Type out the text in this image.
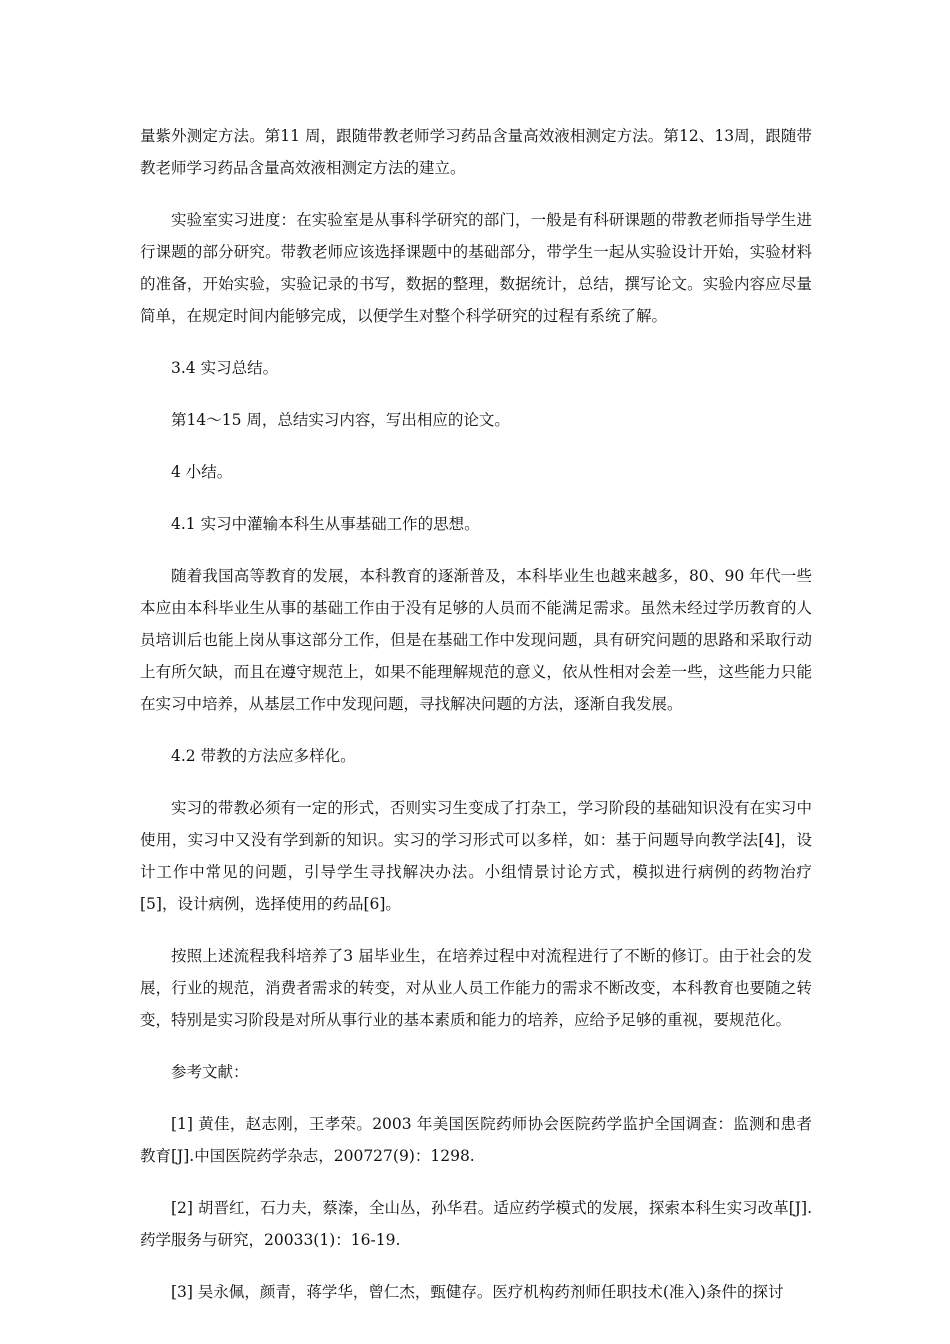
量紫外测定方法。第11 周，跟随带教老师学习药品含量高效液相测定方法。第12、13周，跟随带教老师学习药品含量高效液相测定方法的建立。

实验室实习进度：在实验室是从事科学研究的部门，一般是有科研课题的带教老师指导学生进行课题的部分研究。带教老师应该选择课题中的基础部分，带学生一起从实验设计开始，实验材料的准备，开始实验，实验记录的书写，数据的整理，数据统计，总结，撰写论文。实验内容应尽量简单，在规定时间内能够完成，以便学生对整个科学研究的过程有系统了解。

3.4 实习总结。

第14～15 周，总结实习内容，写出相应的论文。

4 小结。

4.1 实习中灌输本科生从事基础工作的思想。

随着我国高等教育的发展，本科教育的逐渐普及，本科毕业生也越来越多，80、90 年代一些本应由本科毕业生从事的基础工作由于没有足够的人员而不能满足需求。虽然未经过学历教育的人员培训后也能上岗从事这部分工作，但是在基础工作中发现问题，具有研究问题的思路和采取行动上有所欠缺，而且在遵守规范上，如果不能理解规范的意义，依从性相对会差一些，这些能力只能在实习中培养，从基层工作中发现问题，寻找解决问题的方法，逐渐自我发展。

4.2 带教的方法应多样化。

实习的带教必须有一定的形式，否则实习生变成了打杂工，学习阶段的基础知识没有在实习中使用，实习中又没有学到新的知识。实习的学习形式可以多样，如：基于问题导向教学法[4]，设计工作中常见的问题，引导学生寻找解决办法。小组情景讨论方式，模拟进行病例的药物治疗[5]，设计病例，选择使用的药品[6]。

按照上述流程我科培养了3 届毕业生，在培养过程中对流程进行了不断的修订。由于社会的发展，行业的规范，消费者需求的转变，对从业人员工作能力的需求不断改变，本科教育也要随之转变，特别是实习阶段是对所从事行业的基本素质和能力的培养，应给予足够的重视，要规范化。

参考文献：

[1] 黄佳，赵志刚，王孝荣。2003 年美国医院药师协会医院药学监护全国调查：监测和患者教育[J].中国医院药学杂志，200727(9)：1298.

[2] 胡晋红，石力夫，蔡溱，全山丛，孙华君。适应药学模式的发展，探索本科生实习改革[J].药学服务与研究，20033(1)：16-19.

[3] 吴永佩，颜青，蒋学华，曾仁杰，甄健存。医疗机构药剂师任职技术(准入)条件的探讨
